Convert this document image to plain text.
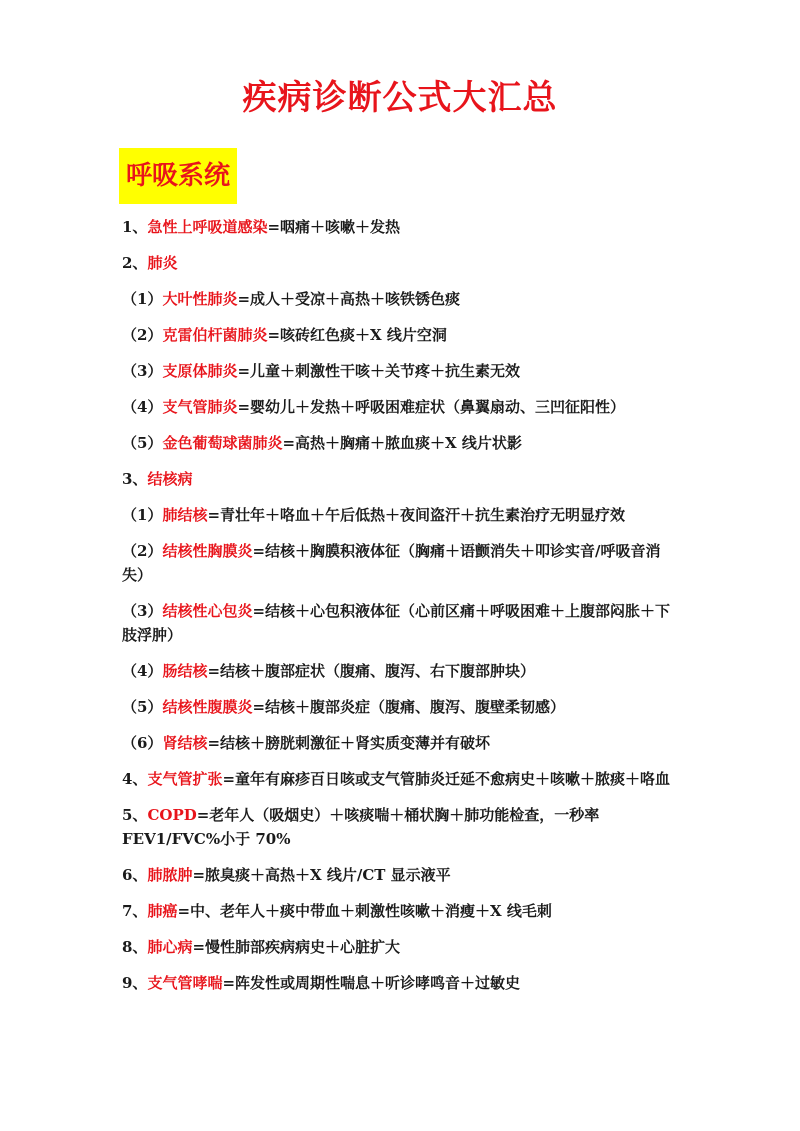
疾病诊断公式大汇总
呼吸系统
1、急性上呼吸道感染=咽痛＋咳嗽＋发热
2、肺炎
（1）大叶性肺炎=成人＋受凉＋高热＋咳铁锈色痰
（2）克雷伯杆菌肺炎=咳砖红色痰＋X 线片空洞
（3）支原体肺炎=儿童＋刺激性干咳＋关节疼＋抗生素无效
（4）支气管肺炎=婴幼儿＋发热＋呼吸困难症状（鼻翼扇动、三凹征阳性）
（5）金色葡萄球菌肺炎=高热＋胸痛＋脓血痰＋X 线片状影
3、结核病
（1）肺结核=青壮年＋咯血＋午后低热＋夜间盗汗＋抗生素治疗无明显疗效
（2）结核性胸膜炎=结核＋胸膜积液体征（胸痛＋语颤消失＋叩诊实音/呼吸音消失）
（3）结核性心包炎=结核＋心包积液体征（心前区痛＋呼吸困难＋上腹部闷胀＋下肢浮肿）
（4）肠结核=结核＋腹部症状（腹痛、腹泻、右下腹部肿块）
（5）结核性腹膜炎=结核＋腹部炎症（腹痛、腹泻、腹壁柔韧感）
（6）肾结核=结核＋膀胱刺激征＋肾实质变薄并有破坏
4、支气管扩张=童年有麻疹百日咳或支气管肺炎迁延不愈病史＋咳嗽＋脓痰＋咯血
5、COPD=老年人（吸烟史）＋咳痰喘＋桶状胸＋肺功能检查，一秒率 FEV1/FVC%小于 70%
6、肺脓肿=脓臭痰＋高热＋X 线片/CT 显示液平
7、肺癌=中、老年人＋痰中带血＋刺激性咳嗽＋消瘦＋X 线毛刺
8、肺心病=慢性肺部疾病病史＋心脏扩大
9、支气管哮喘=阵发性或周期性喘息＋听诊哮鸣音＋过敏史
